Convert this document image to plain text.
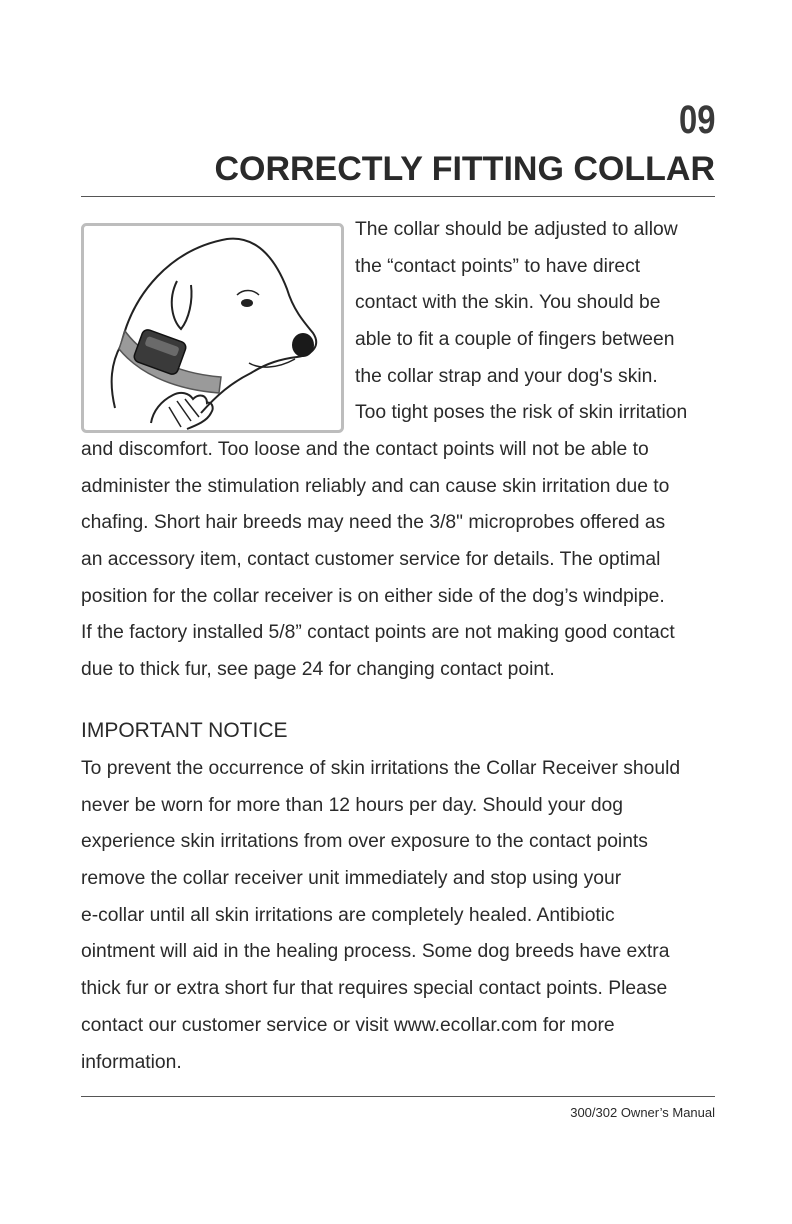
09
CORRECTLY FITTING COLLAR
The collar should be adjusted to allow
the “contact points” to have direct
contact with the skin. You should be
able to fit a couple of fingers between
the collar strap and your dog's skin.
Too tight poses the risk of skin irritation
and discomfort. Too loose and the contact points will not be able to
administer the stimulation reliably and can cause skin irritation due to
chafing. Short hair breeds may need the 3/8" microprobes offered as
an accessory item, contact customer service for details. The optimal
position for the collar receiver is on either side of the dog’s windpipe.
If the factory installed 5/8” contact points are not making good contact
due to thick fur, see page 24 for changing contact point.
IMPORTANT NOTICE
To prevent the occurrence of skin irritations the Collar Receiver should
never be worn for more than 12 hours per day. Should your dog
experience skin irritations from over exposure to the contact points
remove the collar receiver unit immediately and stop using your
e-collar until all skin irritations are completely healed. Antibiotic
ointment will aid in the healing process. Some dog breeds have extra
thick fur or extra short fur that requires special contact points. Please
contact our customer service or visit www.ecollar.com for more
information.
300/302 Owner’s Manual
